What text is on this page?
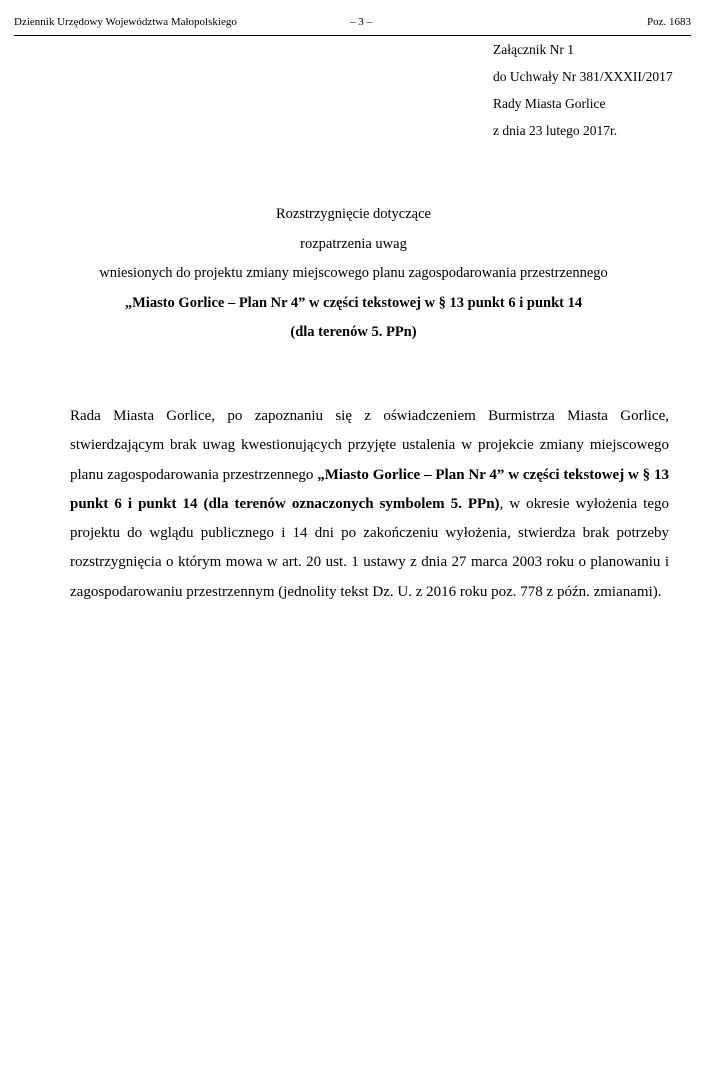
Dziennik Urzędowy Województwa Małopolskiego	– 3 –	Poz. 1683
Załącznik Nr 1
do Uchwały Nr 381/XXXII/2017
Rady Miasta Gorlice
z dnia 23 lutego 2017r.
Rozstrzygnięcie dotyczące
rozpatrzenia uwag
wniesionych do projektu zmiany miejscowego planu zagospodarowania przestrzennego
„Miasto Gorlice – Plan Nr 4” w części tekstowej w § 13 punkt 6 i punkt 14
(dla terenów 5. PPn)
Rada Miasta Gorlice, po zapoznaniu się z oświadczeniem Burmistrza Miasta Gorlice, stwierdzającym brak uwag kwestionujących przyjęte ustalenia w projekcie zmiany miejscowego planu zagospodarowania przestrzennego „Miasto Gorlice – Plan Nr 4” w części tekstowej w § 13 punkt 6 i punkt 14 (dla terenów oznaczonych symbolem 5. PPn), w okresie wyłożenia tego projektu do wglądu publicznego i 14 dni po zakończeniu wyłożenia, stwierdza brak potrzeby rozstrzygnięcia o którym mowa w art. 20 ust. 1 ustawy z dnia 27 marca 2003 roku o planowaniu i zagospodarowaniu przestrzennym (jednolity tekst Dz. U. z 2016 roku poz. 778 z późn. zmianami).
